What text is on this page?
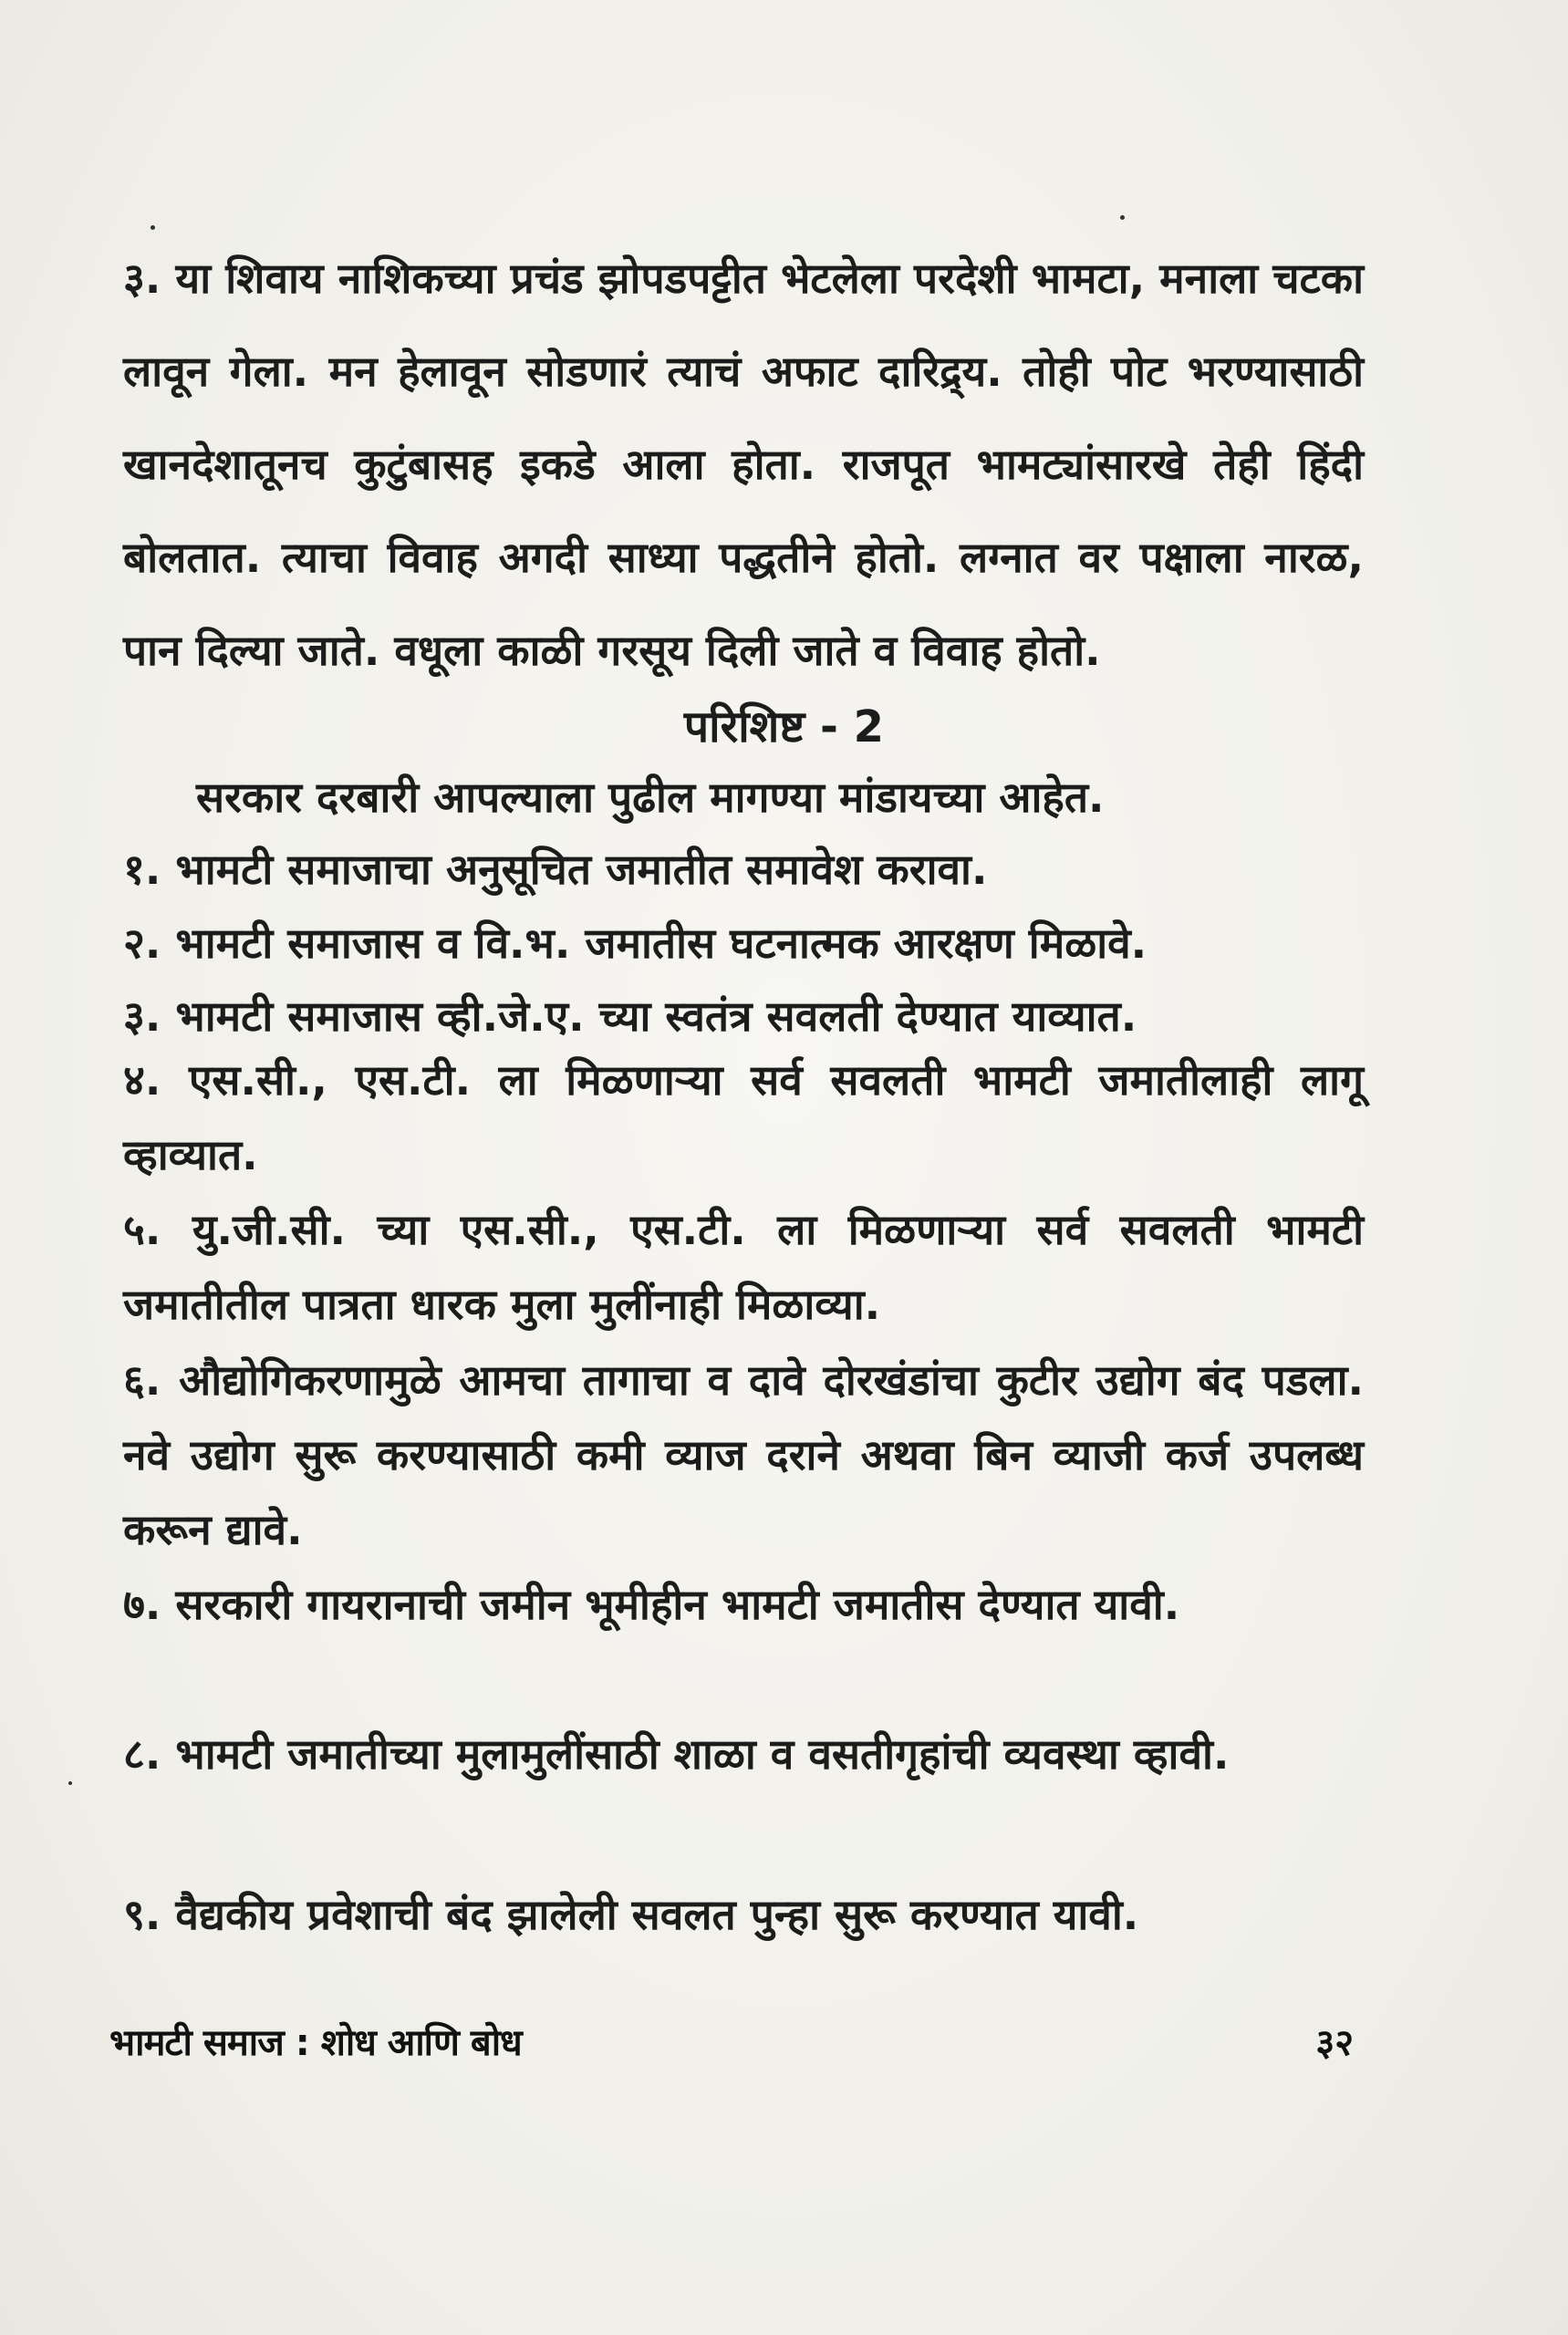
३. या शिवाय नाशिकच्या प्रचंड झोपडपट्टीत भेटलेला परदेशी भामटा, मनाला चटका लावून गेला. मन हेलावून सोडणारं त्याचं अफाट दारिद्र्य. तोही पोट भरण्यासाठी खानदेशातूनच कुटुंबासह इकडे आला होता. राजपूत भामट्यांसारखे तेही हिंदी बोलतात. त्याचा विवाह अगदी साध्या पद्धतीने होतो. लग्नात वर पक्षाला नारळ, पान दिल्या जाते. वधूला काळी गरसूय दिली जाते व विवाह होतो.

परिशिष्ट - 2

सरकार दरबारी आपल्याला पुढील मागण्या मांडायच्या आहेत.

१. भामटी समाजाचा अनुसूचित जमातीत समावेश करावा.

२. भामटी समाजास व वि.भ. जमातीस घटनात्मक आरक्षण मिळावे.

३. भामटी समाजास व्ही.जे.ए. च्या स्वतंत्र सवलती देण्यात याव्यात.

४. एस.सी., एस.टी. ला मिळणाऱ्या सर्व सवलती भामटी जमातीलाही लागू व्हाव्यात.

५. यु.जी.सी. च्या एस.सी., एस.टी. ला मिळणाऱ्या सर्व सवलती भामटी जमातीतील पात्रता धारक मुला मुलींनाही मिळाव्या.

६. औद्योगिकरणामुळे आमचा तागाचा व दावे दोरखंडांचा कुटीर उद्योग बंद पडला. नवे उद्योग सुरू करण्यासाठी कमी व्याज दराने अथवा बिन व्याजी कर्ज उपलब्ध करून द्यावे.

७. सरकारी गायरानाची जमीन भूमीहीन भामटी जमातीस देण्यात यावी.

८. भामटी जमातीच्या मुलामुलींसाठी शाळा व वसतीगृहांची व्यवस्था व्हावी.

९. वैद्यकीय प्रवेशाची बंद झालेली सवलत पुन्हा सुरू करण्यात यावी.

भामटी समाज : शोध आणि बोध	३२
